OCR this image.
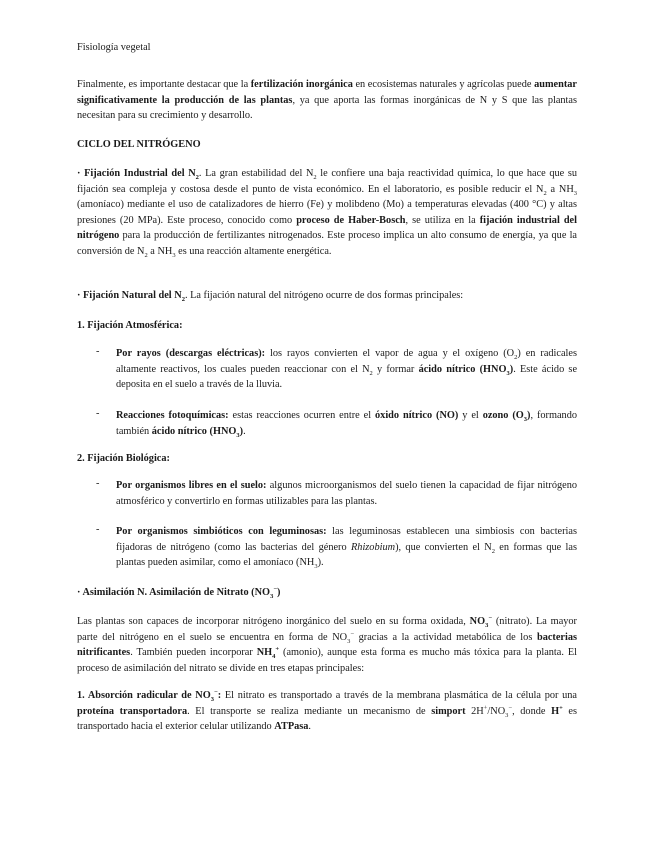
Fisiología vegetal
Finalmente, es importante destacar que la fertilización inorgánica en ecosistemas naturales y agrícolas puede aumentar significativamente la producción de las plantas, ya que aporta las formas inorgánicas de N y S que las plantas necesitan para su crecimiento y desarrollo.
CICLO DEL NITRÓGENO
· Fijación Industrial del $N_2$. La gran estabilidad del $N_2$ le confiere una baja reactividad química, lo que hace que su fijación sea compleja y costosa desde el punto de vista económico. En el laboratorio, es posible reducir el $N_2$ a $NH_3$ (amoníaco) mediante el uso de catalizadores de hierro (Fe) y molibdeno (Mo) a temperaturas elevadas (400 °C) y altas presiones (20 MPa). Este proceso, conocido como proceso de Haber-Bosch, se utiliza en la fijación industrial del nitrógeno para la producción de fertilizantes nitrogenados. Este proceso implica un alto consumo de energía, ya que la conversión de $N_2$ a $NH_3$ es una reacción altamente energética.
· Fijación Natural del $N_2$. La fijación natural del nitrógeno ocurre de dos formas principales:
1. Fijación Atmosférica:
- Por rayos (descargas eléctricas): los rayos convierten el vapor de agua y el oxígeno $(O_2)$ en radicales altamente reactivos, los cuales pueden reaccionar con el $N_2$ y formar ácido nítrico $(HNO_3)$. Este ácido se deposita en el suelo a través de la lluvia.
- Reacciones fotoquímicas: estas reacciones ocurren entre el óxido nítrico (NO) y el ozono $(O_3)$, formando también ácido nítrico $(HNO_3)$.
2. Fijación Biológica:
- Por organismos libres en el suelo: algunos microorganismos del suelo tienen la capacidad de fijar nitrógeno atmosférico y convertirlo en formas utilizables para las plantas.
- Por organismos simbióticos con leguminosas: las leguminosas establecen una simbiosis con bacterias fijadoras de nitrógeno (como las bacterias del género Rhizobium), que convierten el $N_2$ en formas que las plantas pueden asimilar, como el amoníaco $(NH_3)$.
· Asimilación N. Asimilación de Nitrato $(NO_3^-)$
Las plantas son capaces de incorporar nitrógeno inorgánico del suelo en su forma oxidada, $NO_3^-$ (nitrato). La mayor parte del nitrógeno en el suelo se encuentra en forma de $NO_3^-$ gracias a la actividad metabólica de los bacterias nitrificantes. También pueden incorporar $NH_4^+$ (amonio), aunque esta forma es mucho más tóxica para la planta. El proceso de asimilación del nitrato se divide en tres etapas principales:
1. Absorción radicular de $NO_3^-$: El nitrato es transportado a través de la membrana plasmática de la célula por una proteína transportadora. El transporte se realiza mediante un mecanismo de simport $2H^+/NO_3^-$, donde H+ es transportado hacia el exterior celular utilizando ATPasa.
